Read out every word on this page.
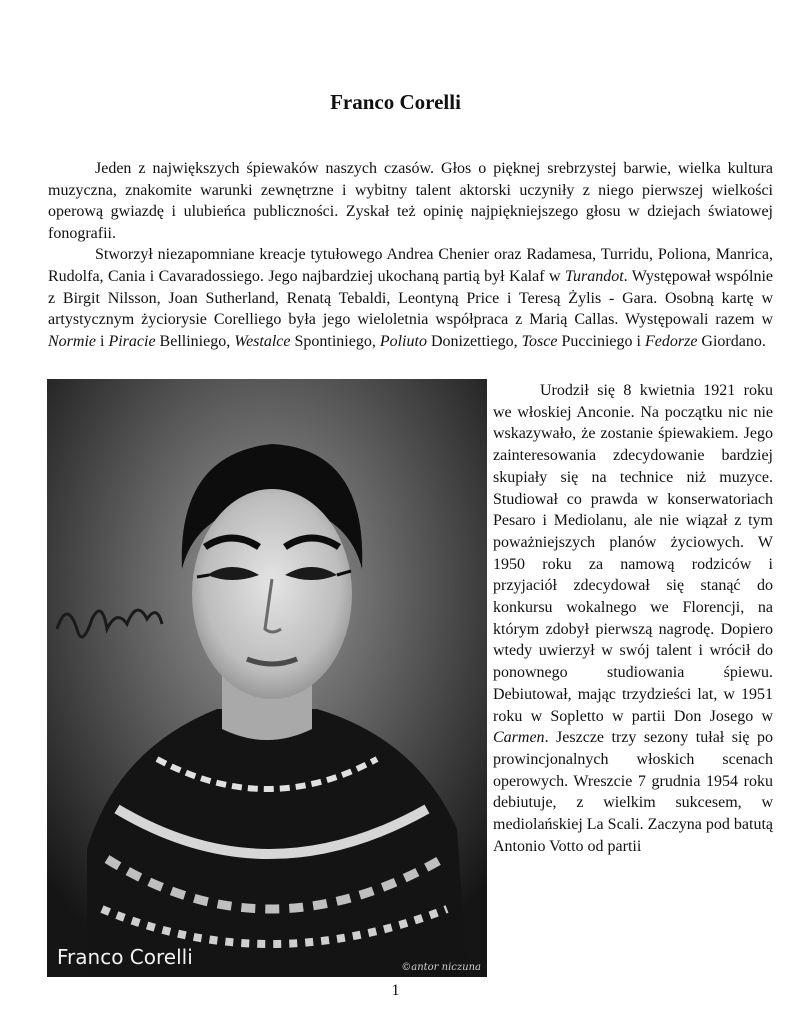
Franco Corelli

Jeden z największych śpiewaków naszych czasów. Głos o pięknej srebrzystej barwie, wielka kultura muzyczna, znakomite warunki zewnętrzne i wybitny talent aktorski uczyniły z niego pierwszej wielkości operową gwiazdę i ulubieńca publiczności. Zyskał też opinię najpiękniejszego głosu w dziejach światowej fonografii.

Stworzył niezapomniane kreacje tytułowego Andrea Chenier oraz Radamesa, Turridu, Poliona, Manrica, Rudolfa, Cania i Cavaradossiego. Jego najbardziej ukochaną partią był Kalaf w Turandot. Występował wspólnie z Birgit Nilsson, Joan Sutherland, Renatą Tebaldi, Leontyną Price i Teresą Żylis - Gara. Osobną kartę w artystycznym życiorysie Corelliego była jego wieloletnia współpraca z Marią Callas. Występowali razem w Normie i Piracie Belliniego, Westalce Spontiniego, Poliuto Donizettiego, Tosce Pucciniego i Fedorze Giordano.

Franco Corelli	©antor niczuna

Urodził się 8 kwietnia 1921 roku we włoskiej Anconie. Na początku nic nie wskazywało, że zostanie śpiewakiem. Jego zainteresowania zdecydowanie bardziej skupiały się na technice niż muzyce. Studiował co prawda w konserwatoriach Pesaro i Mediolanu, ale nie wiązał z tym poważniejszych planów życiowych. W 1950 roku za namową rodziców i przyjaciół zdecydował się stanąć do konkursu wokalnego we Florencji, na którym zdobył pierwszą nagrodę. Dopiero wtedy uwierzył w swój talent i wrócił do ponownego studiowania śpiewu. Debiutował, mając trzydzieści lat, w 1951 roku w Sopletto w partii Don Josego w Carmen. Jeszcze trzy sezony tułał się po prowincjonalnych włoskich scenach operowych. Wreszcie 7 grudnia 1954 roku debiutuje, z wielkim sukcesem, w mediolańskiej La Scali. Zaczyna pod batutą Antonio Votto od partii

1
